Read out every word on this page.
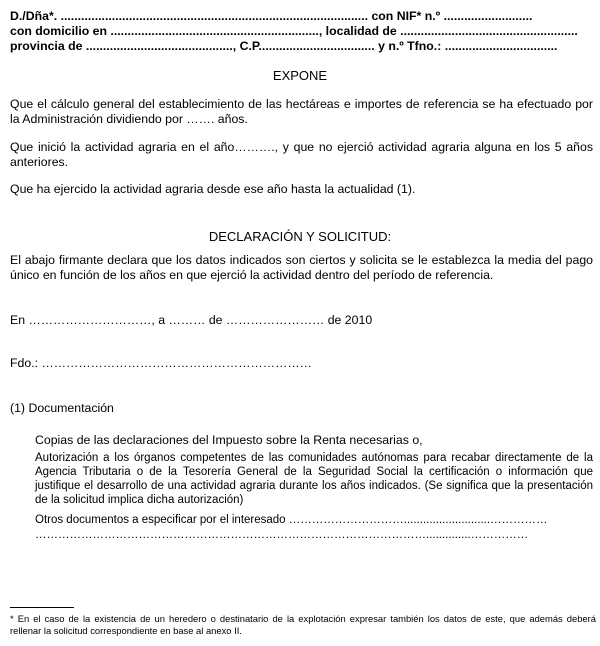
D./Dña*. .......................................................................................... con NIF* n.º ..........................
con domicilio en ............................................................., localidad de ....................................................
provincia de ..........................................., C.P.................................. y n.º Tfno.: .................................
EXPONE
Que el cálculo general del establecimiento de las hectáreas e importes de referencia se ha efectuado por la Administración dividiendo por ……. años.
Que inició la actividad agraria en el año………., y que no ejerció actividad agraria alguna en los 5 años anteriores.
Que ha ejercido la actividad agraria desde ese año hasta la actualidad (1).
DECLARACIÓN Y SOLICITUD:
El abajo firmante declara que los datos indicados son ciertos y solicita se le establezca la media del pago único en función de los años en que ejerció la actividad dentro del período de referencia.
En …………………………, a ……… de …………………… de 2010
Fdo.: …………………………………………………………
(1) Documentación
Copias de las declaraciones del Impuesto sobre la Renta necesarias o,
Autorización a los órganos competentes de las comunidades autónomas para recabar directamente de la Agencia Tributaria o de la Tesorería General de la Seguridad Social la certificación o información que justifique el desarrollo de una actividad agraria durante los años indicados. (Se significa que la presentación de la solicitud implica dicha autorización)
Otros documentos a especificar por el interesado …………………………...........................……………
…………………………………………………………………………………………..............……………
* En el caso de la existencia de un heredero o destinatario de la explotación expresar también los datos de este, que además deberá rellenar la solicitud correspondiente en base al anexo II.
